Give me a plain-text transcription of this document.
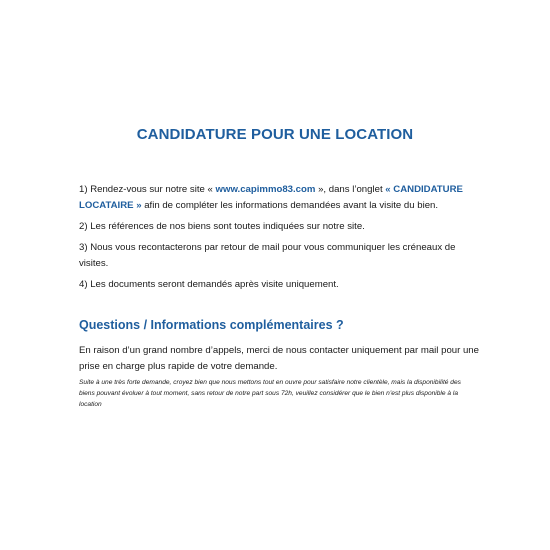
CANDIDATURE POUR UNE LOCATION

1) Rendez-vous sur notre site « www.capimmo83.com », dans l’onglet « CANDIDATURE LOCATAIRE » afin de compléter les informations demandées avant la visite du bien.

2) Les références de nos biens sont toutes indiquées sur notre site.

3) Nous vous recontacterons par retour de mail pour vous communiquer les créneaux de visites.

4) Les documents seront demandés après visite uniquement.

Questions / Informations complémentaires ?
En raison d’un grand nombre d’appels, merci de nous contacter uniquement par mail pour une prise en charge plus rapide de votre demande.
Suite à une très forte demande, croyez bien que nous mettons tout en ouvre pour satisfaire notre clientèle, mais la disponibilité des biens pouvant évoluer à tout moment, sans retour de notre part sous 72h, veuillez considérer que le bien n’est plus disponible à la location
